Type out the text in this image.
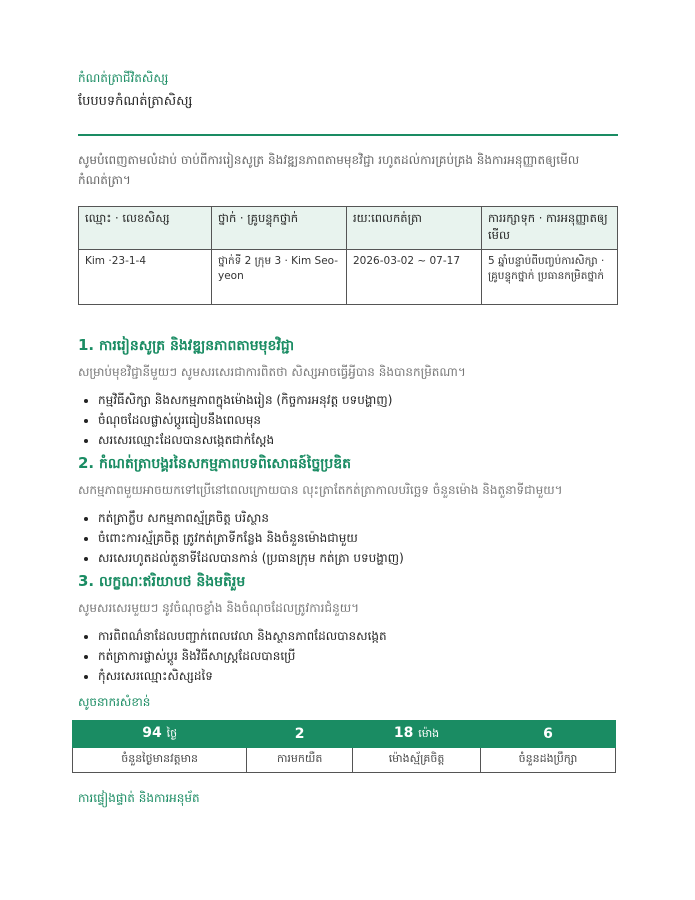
កំណត់ត្រាជីវិតសិស្ស
បែបបទកំណត់ត្រាសិស្ស

សូមបំពេញតាមលំដាប់ ចាប់ពីការរៀនសូត្រ និងវឌ្ឍនភាពតាមមុខវិជ្ជា រហូតដល់ការគ្រប់គ្រង និងការអនុញ្ញាតឲ្យមើលកំណត់ត្រា។

ឈ្មោះ · លេខសិស្ស	ថ្នាក់ · គ្រូបន្ទុកថ្នាក់	រយៈពេលកត់ត្រា	ការរក្សាទុក · ការអនុញ្ញាតឲ្យមើល
Kim ·23-1-4	ថ្នាក់ទី 2 ក្រុម 3 · Kim Seo-yeon	2026-03-02 ~ 07-17	5 ឆ្នាំបន្ទាប់ពីបញ្ចប់ការសិក្សា · គ្រូបន្ទុកថ្នាក់ ប្រធានកម្រិតថ្នាក់
1. ការរៀនសូត្រ និងវឌ្ឍនភាពតាមមុខវិជ្ជា
សម្រាប់មុខវិជ្ជានីមួយៗ សូមសរសេរជាការពិតថា សិស្សអាចធ្វើអ្វីបាន និងបានកម្រិតណា។
• កម្មវិធីសិក្សា និងសកម្មភាពក្នុងម៉ោងរៀន (កិច្ចការអនុវត្ត បទបង្ហាញ)
• ចំណុចដែលផ្លាស់ប្ដូរធៀបនឹងពេលមុន
• សរសេរឈ្មោះដែលបានសង្កេតជាក់ស្ដែង
2. កំណត់ត្រាបង្គរនៃសកម្មភាពបទពិសោធន៍ច្នៃប្រឌិត
សកម្មភាពមួយអាចយកទៅប្រើនៅពេលក្រោយបាន លុះត្រាតែកត់ត្រាកាលបរិច្ឆេទ ចំនួនម៉ោង និងតួនាទីជាមួយ។
• កត់ត្រាក្លឹប សកម្មភាពស្ម័គ្រចិត្ត បរិស្ថាន
• ចំពោះការស្ម័គ្រចិត្ត ត្រូវកត់ត្រាទីកន្លែង និងចំនួនម៉ោងជាមួយ
• សរសេរហូតដល់តួនាទីដែលបានកាន់ (ប្រធានក្រុម កត់ត្រា បទបង្ហាញ)
3. លក្ខណៈឥរិយាបថ និងមតិរួម
សូមសរសេរមួយៗ នូវចំណុចខ្លាំង និងចំណុចដែលត្រូវការជំនួយ។
• ការពិពណ៌នាដែលបញ្ជាក់ពេលវេលា និងស្ថានភាពដែលបានសង្កេត
• កត់ត្រាការផ្លាស់ប្ដូរ និងវិធីសាស្ត្រដែលបានប្រើ
• កុំសរសេរឈ្មោះសិស្សដទៃ
សូចនាករសំខាន់
94 ថ្ងៃ	2	18 ម៉ោង	6
ចំនួនថ្ងៃមានវត្តមាន	ការមកយឺត	ម៉ោងស្ម័គ្រចិត្ត	ចំនួនដងប្រឹក្សា
ការផ្ទៀងផ្ទាត់ និងការអនុម័ត
